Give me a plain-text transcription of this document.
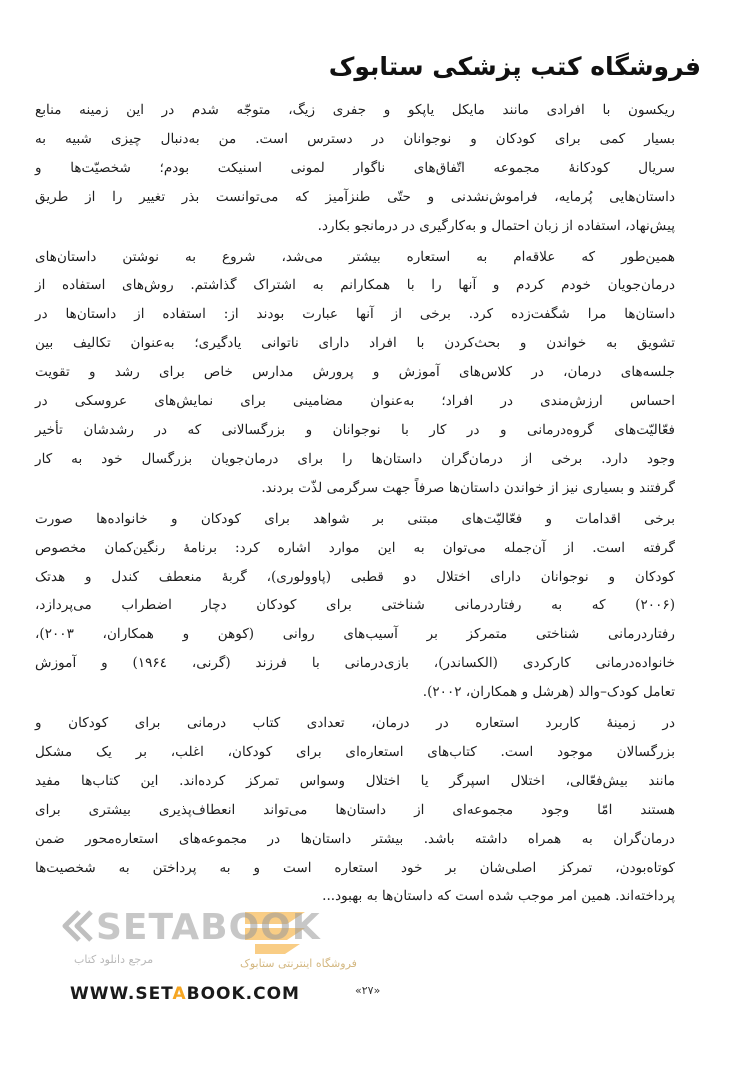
فروشگاه کتب پزشکی ستابوک

ریکسون با افرادی مانند مایکل یاپکو و جفری زیگ، متوجّه شدم در این زمینه منابع
بسیار کمی برای کودکان و نوجوانان در دسترس است. من به‌دنبال چیزی شبیه به
سریال کودکانهٔ مجموعه اتّفاق‌های ناگوار لمونی اسنیکت بودم؛ شخصیّت‌ها و
داستان‌هایی پُرمایه، فراموش‌نشدنی و حتّی طنزآمیز که می‌توانست بذر تغییر را از طریق
پیش‌نهاد، استفاده از زبان احتمال و به‌کارگیری در درمانجو بکارد.

همین‌طور که علاقه‌ام به استعاره بیشتر می‌شد، شروع به نوشتن داستان‌های
درمان‌جویان خودم کردم و آنها را با همکارانم به اشتراک گذاشتم. روش‌های استفاده از
داستان‌ها مرا شگفت‌زده کرد. برخی از آنها عبارت بودند از: استفاده از داستان‌ها در
تشویق به خواندن و بحث‌کردن با افراد دارای ناتوانی یادگیری؛ به‌عنوان تکالیف بین
جلسه‌های درمان، در کلاس‌های آموزش و پرورش مدارس خاص برای رشد و تقویت
احساس ارزش‌مندی در افراد؛ به‌عنوان مضامینی برای نمایش‌های عروسکی در
فعّالیّت‌های گروه‌درمانی و در کار با نوجوانان و بزرگسالانی که در رشدشان تأخیر
وجود دارد. برخی از درمان‌گران داستان‌ها را برای درمان‌جویان بزرگسال خود به کار
گرفتند و بسیاری نیز از خواندن داستان‌ها صرفاً جهت سرگرمی لذّت بردند.

برخی اقدامات و فعّالیّت‌های مبتنی بر شواهد برای کودکان و خانواده‌ها صورت
گرفته است. از آن‌جمله می‌توان به این موارد اشاره کرد: برنامهٔ رنگین‌کمان مخصوص
کودکان و نوجوانان دارای اختلال دو قطبی (پاوولوری)، گربهٔ منعطف کندل و هدتک
(۲۰۰۶) که به رفتاردرمانی شناختی برای کودکان دچار اضطراب می‌پردازد،
رفتاردرمانی شناختی متمرکز بر آسیب‌های روانی (کوهن و همکاران، ۲۰۰۳)،
خانواده‌درمانی کارکردی (الکساندر)، بازی‌درمانی با فرزند (گرنی، ۱۹۶٤) و آموزش
تعامل کودک–والد (هرشل و همکاران، ۲۰۰۲).

در زمینهٔ کاربرد استعاره در درمان، تعدادی کتاب درمانی برای کودکان و
بزرگسالان موجود است. کتاب‌های استعاره‌ای برای کودکان، اغلب، بر یک مشکل
مانند بیش‌فعّالی، اختلال اسپرگر یا اختلال وسواس تمرکز کرده‌اند. این کتاب‌ها مفید
هستند امّا وجود مجموعه‌ای از داستان‌ها می‌تواند انعطاف‌پذیری بیشتری برای
درمان‌گران به همراه داشته باشد. بیشتر داستان‌ها در مجموعه‌های استعاره‌محور ضمن
کوتاه‌بودن، تمرکز اصلی‌شان بر خود استعاره است و به پرداختن به شخصیت‌ها
پرداخته‌اند. همین امر موجب شده است که داستان‌ها به بهبود...

SETABOOK
مرجع دانلود کتاب	فروشگاه اینترنتی ستابوک
WWW.SETABOOK.COM	«۲۷»
